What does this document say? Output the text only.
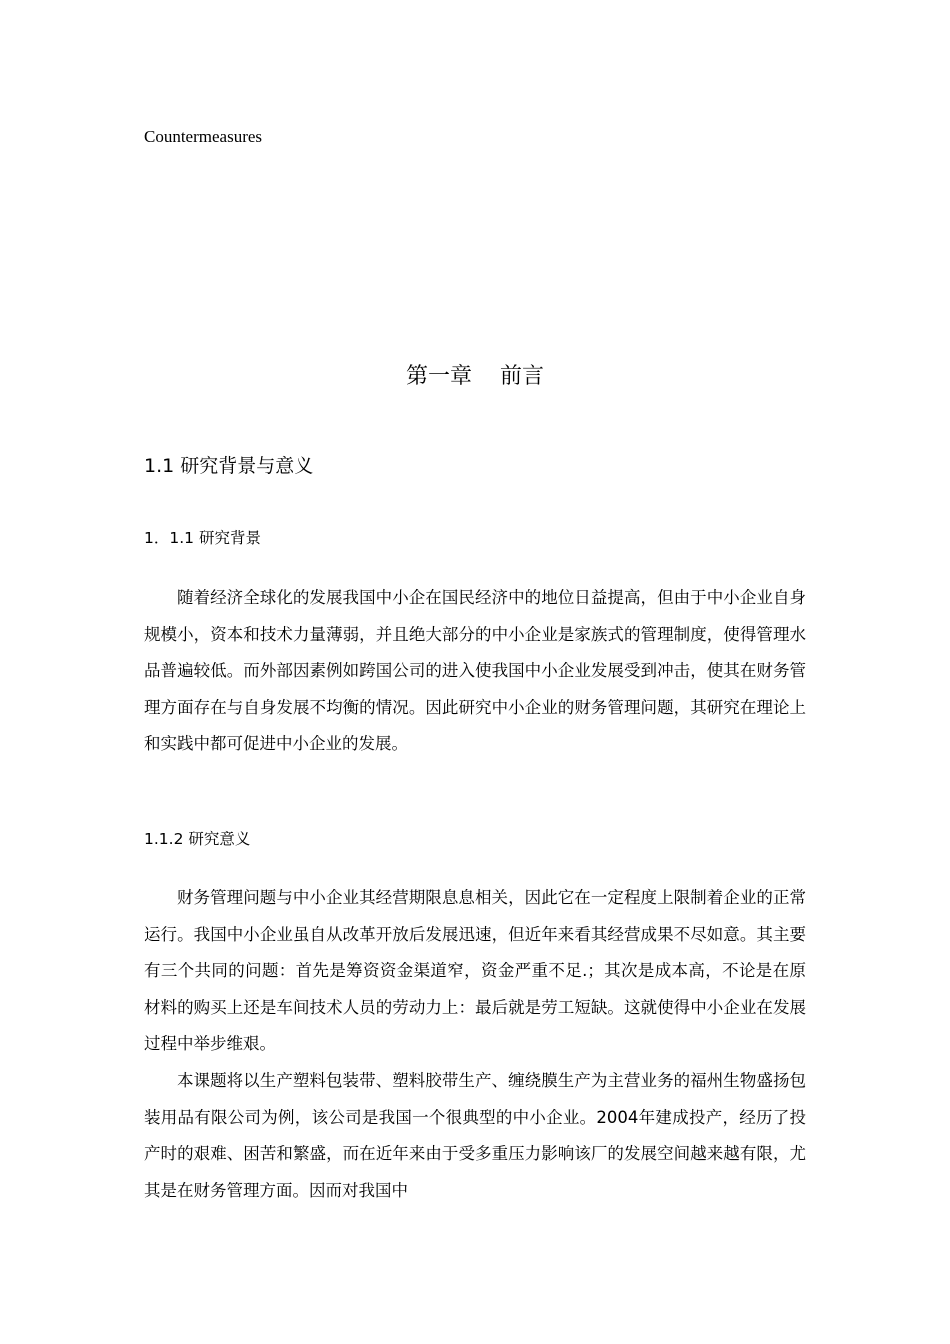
Countermeasures
第一章 前言
1.1 研究背景与意义
1．1.1 研究背景

随着经济全球化的发展我国中小企在国民经济中的地位日益提高，但由于中小企业自身规模小，资本和技术力量薄弱，并且绝大部分的中小企业是家族式的管理制度，使得管理水品普遍较低。而外部因素例如跨国公司的进入使我国中小企业发展受到冲击，使其在财务管理方面存在与自身发展不均衡的情况。因此研究中小企业的财务管理问题，其研究在理论上和实践中都可促进中小企业的发展。

1.1.2 研究意义

财务管理问题与中小企业其经营期限息息相关，因此它在一定程度上限制着企业的正常运行。我国中小企业虽自从改革开放后发展迅速，但近年来看其经营成果不尽如意。其主要有三个共同的问题：首先是筹资资金渠道窄，资金严重不足.；其次是成本高，不论是在原材料的购买上还是车间技术人员的劳动力上：最后就是劳工短缺。这就使得中小企业在发展过程中举步维艰。

本课题将以生产塑料包装带、塑料胶带生产、缠绕膜生产为主营业务的福州生物盛扬包装用品有限公司为例，该公司是我国一个很典型的中小企业。2004年建成投产，经历了投产时的艰难、困苦和繁盛，而在近年来由于受多重压力影响该厂的发展空间越来越有限，尤其是在财务管理方面。因而对我国中
